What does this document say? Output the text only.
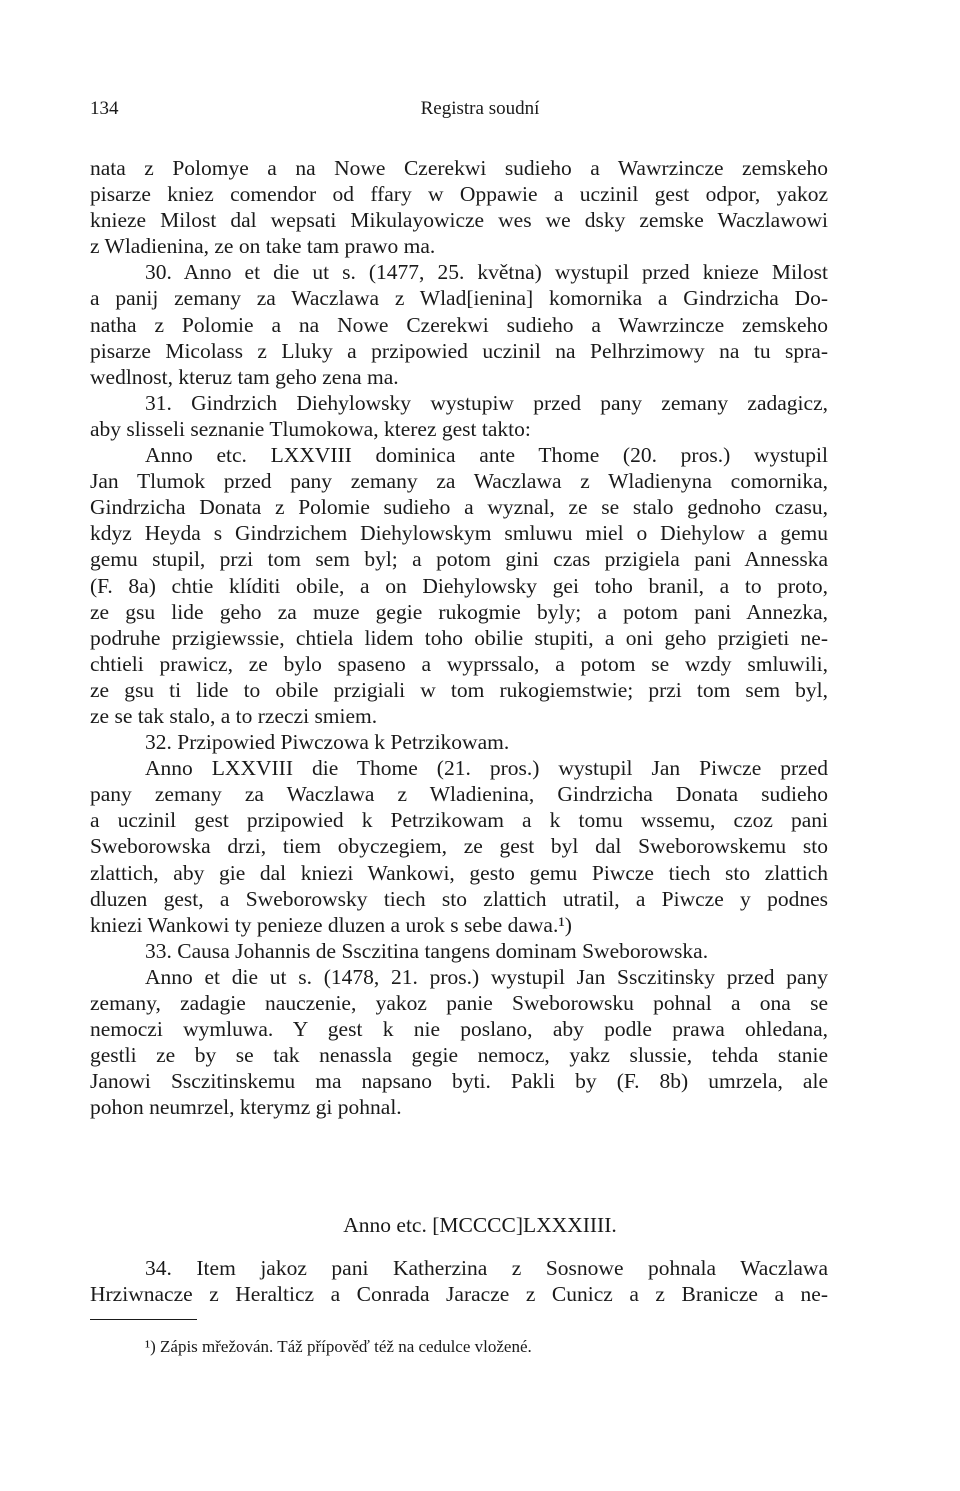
134	Registra soudní
nata z Polomye a na Nowe Czerekwi sudieho a Wawrzincze zemskeho
pisarze kniez comendor od ffary w Oppawie a uczinil gest odpor, yakoz
knieze Milost dal wepsati Mikulayowicze wes we dsky zemske Waczlawowi
z Wladienina, ze on take tam prawo ma.
30. Anno et die ut s. (1477, 25. května) wystupil przed knieze Milost
a panij zemany za Waczlawa z Wlad[ienina] komornika a Gindrzicha Do-
natha z Polomie a na Nowe Czerekwi sudieho a Wawrzincze zemskeho
pisarze Micolass z Lluky a przipowied uczinil na Pelhrzimowy na tu spra-
wedlnost, kteruz tam geho zena ma.
31. Gindrzich Diehylowsky wystupiw przed pany zemany zadagicz,
aby slisseli seznanie Tlumokowa, kterez gest takto:
Anno etc. LXXVIII dominica ante Thome (20. pros.) wystupil
Jan Tlumok przed pany zemany za Waczlawa z Wladienyna comornika,
Gindrzicha Donata z Polomie sudieho a wyznal, ze se stalo gednoho czasu,
kdyz Heyda s Gindrzichem Diehylowskym smluwu miel o Diehylow a gemu
gemu stupil, przi tom sem byl; a potom gini czas przigiela pani Annesska
(F. 8a) chtie klíditi obile, a on Diehylowsky gei toho branil, a to proto,
ze gsu lide geho za muze gegie rukogmie byly; a potom pani Annezka,
podruhe przigiewssie, chtiela lidem toho obilie stupiti, a oni geho przigieti ne-
chtieli prawicz, ze bylo spaseno a wyprssalo, a potom se wzdy smluwili,
ze gsu ti lide to obile przigiali w tom rukogiemstwie; przi tom sem byl,
ze se tak stalo, a to rzeczi smiem.
32. Przipowied Piwczowa k Petrzikowam.
Anno LXXVIII die Thome (21. pros.) wystupil Jan Piwcze przed
pany zemany za Waczlawa z Wladienina, Gindrzicha Donata sudieho
a uczinil gest przipowied k Petrzikowam a k tomu wssemu, czoz pani
Sweborowska drzi, tiem obyczegiem, ze gest byl dal Sweborowskemu sto
zlattich, aby gie dal kniezi Wankowi, gesto gemu Piwcze tiech sto zlattich
dluzen gest, a Sweborowsky tiech sto zlattich utratil, a Piwcze y podnes
kniezi Wankowi ty penieze dluzen a urok s sebe dawa.¹)
33. Causa Johannis de Ssczitina tangens dominam Sweborowska.
Anno et die ut s. (1478, 21. pros.) wystupil Jan Ssczitinsky przed pany
zemany, zadagie nauczenie, yakoz panie Sweborowsku pohnal a ona se
nemoczi wymluwa. Y gest k nie poslano, aby podle prawa ohledana,
gestli ze by se tak nenassla gegie nemocz, yakz slussie, tehda stanie
Janowi Ssczitinskemu ma napsano byti. Pakli by (F. 8b) umrzela, ale
pohon neumrzel, kterymz gi pohnal.
Anno etc. [MCCCC]LXXXIIII.
34. Item jakoz pani Katherzina z Sosnowe pohnala Waczlawa
Hrziwnacze z Heralticz a Conrada Jaracze z Cunicz a z Branicze a ne-
¹) Zápis mřežován. Táž přípověď též na cedulce vložené.
